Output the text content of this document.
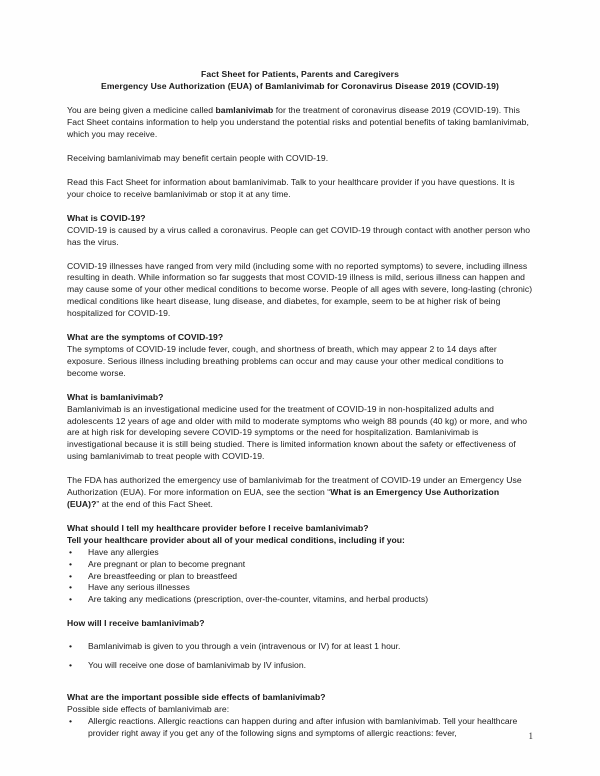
Fact Sheet for Patients, Parents and Caregivers
Emergency Use Authorization (EUA) of Bamlanivimab for Coronavirus Disease 2019 (COVID-19)

You are being given a medicine called bamlanivimab for the treatment of coronavirus disease 2019 (COVID-19). This Fact Sheet contains information to help you understand the potential risks and potential benefits of taking bamlanivimab, which you may receive.

Receiving bamlanivimab may benefit certain people with COVID-19.

Read this Fact Sheet for information about bamlanivimab. Talk to your healthcare provider if you have questions. It is your choice to receive bamlanivimab or stop it at any time.

What is COVID-19?

COVID-19 is caused by a virus called a coronavirus. People can get COVID-19 through contact with another person who has the virus.

COVID-19 illnesses have ranged from very mild (including some with no reported symptoms) to severe, including illness resulting in death. While information so far suggests that most COVID-19 illness is mild, serious illness can happen and may cause some of your other medical conditions to become worse. People of all ages with severe, long-lasting (chronic) medical conditions like heart disease, lung disease, and diabetes, for example, seem to be at higher risk of being hospitalized for COVID-19.

What are the symptoms of COVID-19?

The symptoms of COVID-19 include fever, cough, and shortness of breath, which may appear 2 to 14 days after exposure. Serious illness including breathing problems can occur and may cause your other medical conditions to become worse.

What is bamlanivimab?

Bamlanivimab is an investigational medicine used for the treatment of COVID-19 in non-hospitalized adults and adolescents 12 years of age and older with mild to moderate symptoms who weigh 88 pounds (40 kg) or more, and who are at high risk for developing severe COVID-19 symptoms or the need for hospitalization. Bamlanivimab is investigational because it is still being studied. There is limited information known about the safety or effectiveness of using bamlanivimab to treat people with COVID-19.

The FDA has authorized the emergency use of bamlanivimab for the treatment of COVID-19 under an Emergency Use Authorization (EUA). For more information on EUA, see the section “What is an Emergency Use Authorization (EUA)?” at the end of this Fact Sheet.

What should I tell my healthcare provider before I receive bamlanivimab?

Tell your healthcare provider about all of your medical conditions, including if you:

• Have any allergies
• Are pregnant or plan to become pregnant
• Are breastfeeding or plan to breastfeed
• Have any serious illnesses
• Are taking any medications (prescription, over-the-counter, vitamins, and herbal products)
How will I receive bamlanivimab?
• Bamlanivimab is given to you through a vein (intravenous or IV) for at least 1 hour.
• You will receive one dose of bamlanivimab by IV infusion.
What are the important possible side effects of bamlanivimab?

Possible side effects of bamlanivimab are:

• Allergic reactions. Allergic reactions can happen during and after infusion with bamlanivimab. Tell your healthcare provider right away if you get any of the following signs and symptoms of allergic reactions: fever,	1
